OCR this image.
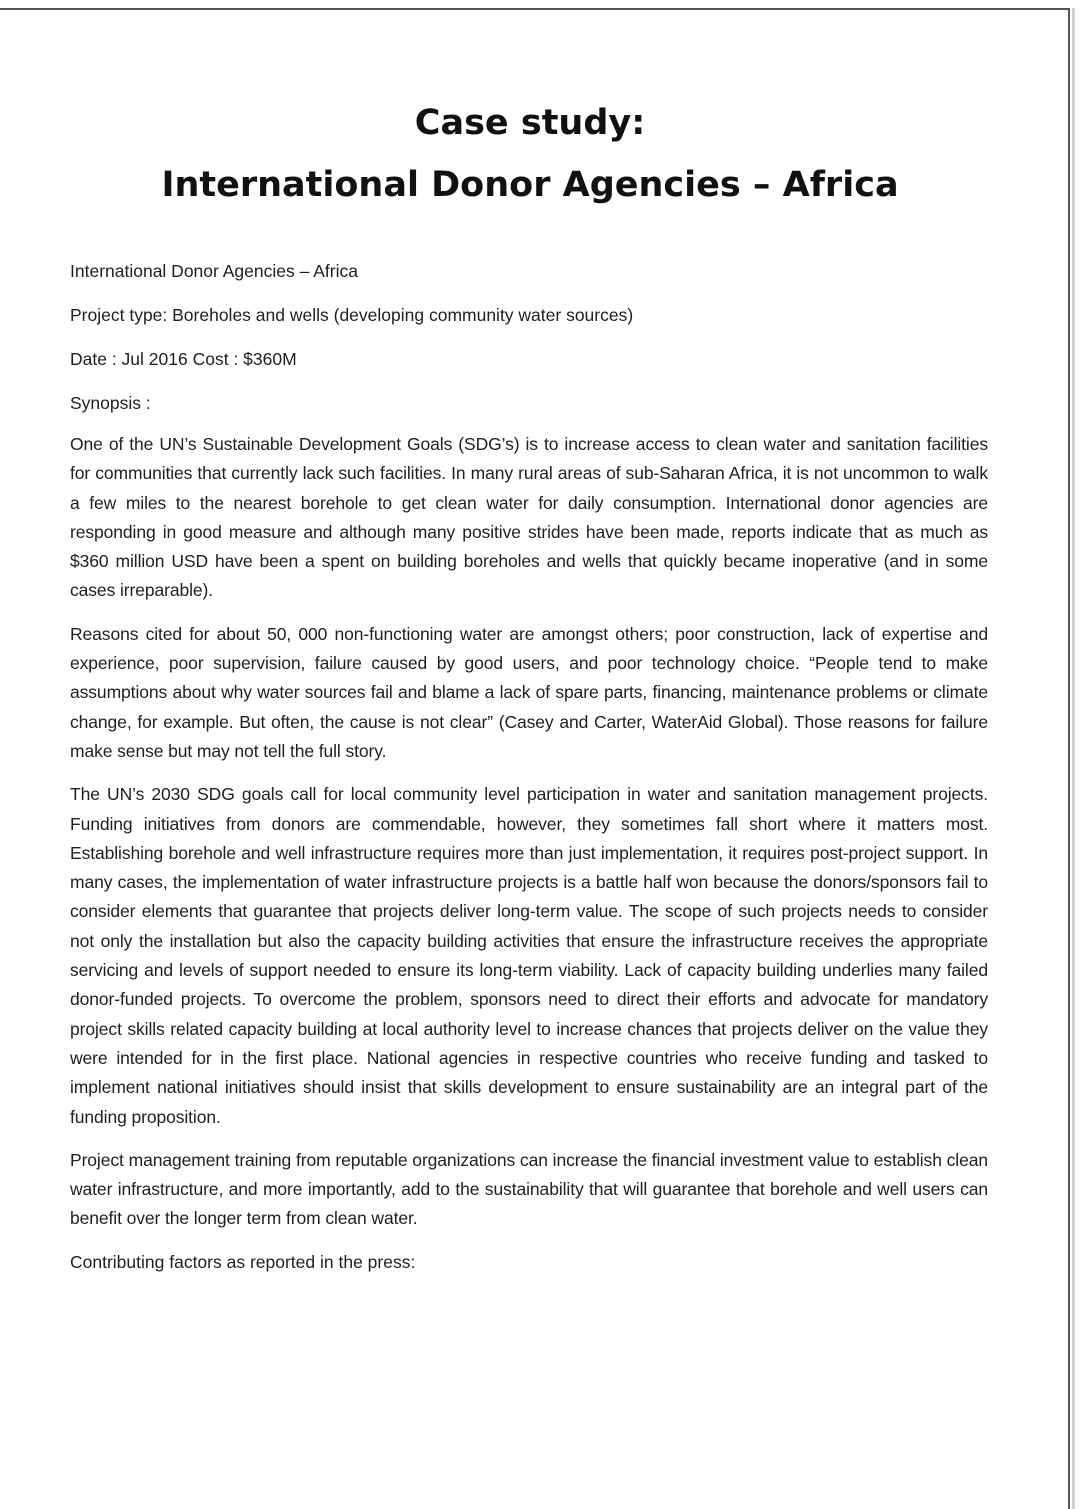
Case study:
International Donor Agencies – Africa

International Donor Agencies – Africa

Project type: Boreholes and wells (developing community water sources)

Date : Jul 2016 Cost : $360M

Synopsis :

One of the UN’s Sustainable Development Goals (SDG’s) is to increase access to clean water and sanitation facilities for communities that currently lack such facilities. In many rural areas of sub-Saharan Africa, it is not uncommon to walk a few miles to the nearest borehole to get clean water for daily consumption. International donor agencies are responding in good measure and although many positive strides have been made, reports indicate that as much as $360 million USD have been a spent on building boreholes and wells that quickly became inoperative (and in some cases irreparable).

Reasons cited for about 50, 000 non-functioning water are amongst others; poor construction, lack of expertise and experience, poor supervision, failure caused by good users, and poor technology choice. “People tend to make assumptions about why water sources fail and blame a lack of spare parts, financing, maintenance problems or climate change, for example. But often, the cause is not clear” (Casey and Carter, WaterAid Global). Those reasons for failure make sense but may not tell the full story.

The UN’s 2030 SDG goals call for local community level participation in water and sanitation management projects. Funding initiatives from donors are commendable, however, they sometimes fall short where it matters most. Establishing borehole and well infrastructure requires more than just implementation, it requires post-project support. In many cases, the implementation of water infrastructure projects is a battle half won because the donors/sponsors fail to consider elements that guarantee that projects deliver long-term value. The scope of such projects needs to consider not only the installation but also the capacity building activities that ensure the infrastructure receives the appropriate servicing and levels of support needed to ensure its long-term viability. Lack of capacity building underlies many failed donor-funded projects. To overcome the problem, sponsors need to direct their efforts and advocate for mandatory project skills related capacity building at local authority level to increase chances that projects deliver on the value they were intended for in the first place. National agencies in respective countries who receive funding and tasked to implement national initiatives should insist that skills development to ensure sustainability are an integral part of the funding proposition.

Project management training from reputable organizations can increase the financial investment value to establish clean water infrastructure, and more importantly, add to the sustainability that will guarantee that borehole and well users can benefit over the longer term from clean water.

Contributing factors as reported in the press:
